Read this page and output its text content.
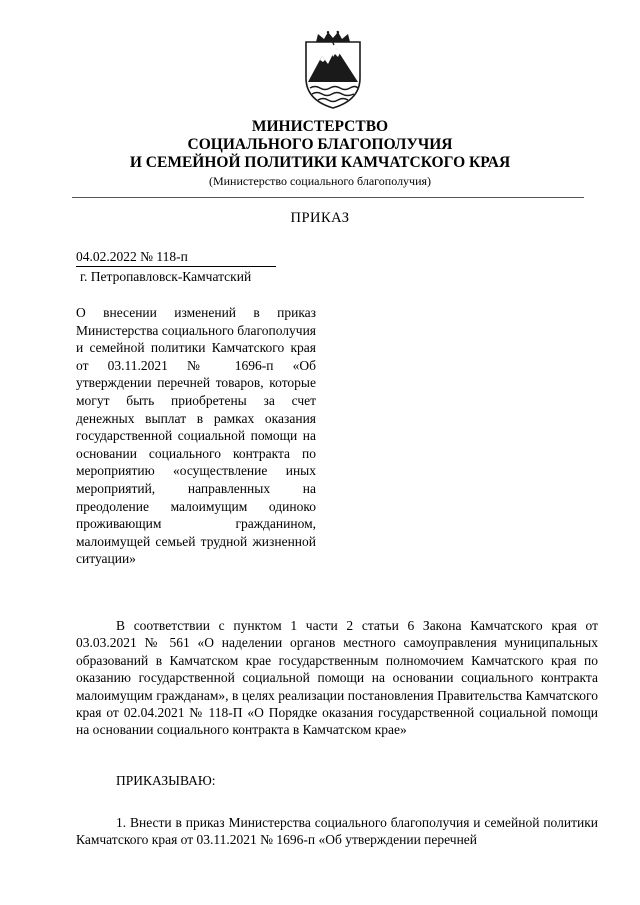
МИНИСТЕРСТВО
СОЦИАЛЬНОГО БЛАГОПОЛУЧИЯ
И СЕМЕЙНОЙ ПОЛИТИКИ КАМЧАТСКОГО КРАЯ
(Министерство социального благополучия)
ПРИКАЗ
04.02.2022 № 118-п
г. Петропавловск-Камчатский
О внесении изменений в приказ Министерства социального благополучия и семейной политики Камчатского края от 03.11.2021 № 1696-п «Об утверждении перечней товаров, которые могут быть приобретены за счет денежных выплат в рамках оказания государственной социальной помощи на основании социального контракта по мероприятию «осуществление иных мероприятий, направленных на преодоление малоимущим одиноко проживающим гражданином, малоимущей семьей трудной жизненной ситуации»
В соответствии с пунктом 1 части 2 статьи 6 Закона Камчатского края от 03.03.2021 № 561 «О наделении органов местного самоуправления муниципальных образований в Камчатском крае государственным полномочием Камчатского края по оказанию государственной социальной помощи на основании социального контракта малоимущим гражданам», в целях реализации постановления Правительства Камчатского края от 02.04.2021 № 118-П «О Порядке оказания государственной социальной помощи на основании социального контракта в Камчатском крае»
ПРИКАЗЫВАЮ:
1. Внести в приказ Министерства социального благополучия и семейной политики Камчатского края от 03.11.2021 № 1696-п «Об утверждении перечней
